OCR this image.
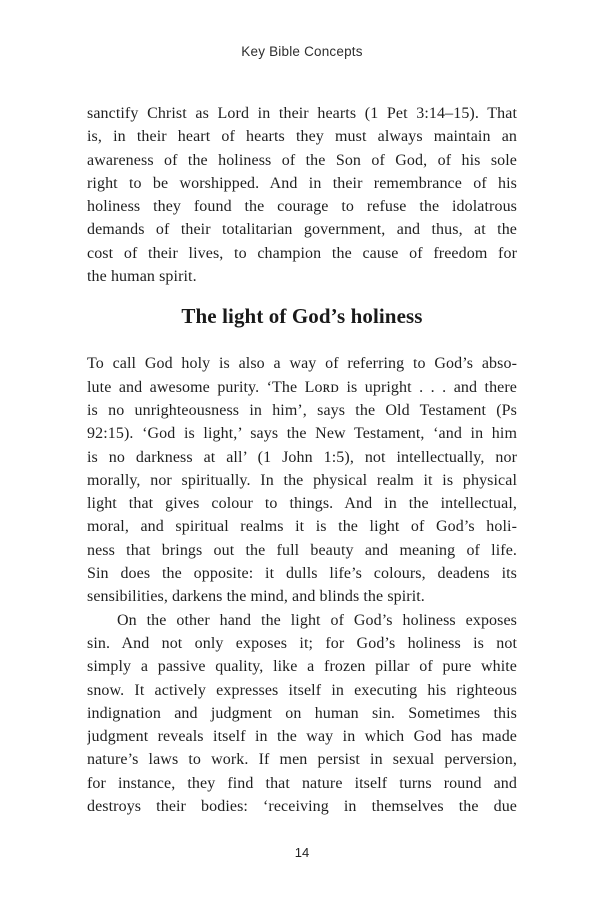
Key Bible Concepts
sanctify Christ as Lord in their hearts (1 Pet 3:14–15). That
is, in their heart of hearts they must always maintain an
awareness of the holiness of the Son of God, of his sole
right to be worshipped. And in their remembrance of his
holiness they found the courage to refuse the idolatrous
demands of their totalitarian government, and thus, at the
cost of their lives, to champion the cause of freedom for
the human spirit.
The light of God’s holiness
To call God holy is also a way of referring to God’s abso-
lute and awesome purity. ‘The Lᴏʀᴅ is upright . . . and there
is no unrighteousness in him’, says the Old Testament (Ps
92:15). ‘God is light,’ says the New Testament, ‘and in him
is no darkness at all’ (1 John 1:5), not intellectually, nor
morally, nor spiritually. In the physical realm it is physical
light that gives colour to things. And in the intellectual,
moral, and spiritual realms it is the light of God’s holi-
ness that brings out the full beauty and meaning of life.
Sin does the opposite: it dulls life’s colours, deadens its
sensibilities, darkens the mind, and blinds the spirit.
On the other hand the light of God’s holiness exposes
sin. And not only exposes it; for God’s holiness is not
simply a passive quality, like a frozen pillar of pure white
snow. It actively expresses itself in executing his righteous
indignation and judgment on human sin. Sometimes this
judgment reveals itself in the way in which God has made
nature’s laws to work. If men persist in sexual perversion,
for instance, they find that nature itself turns round and
destroys their bodies: ‘receiving in themselves the due
14
